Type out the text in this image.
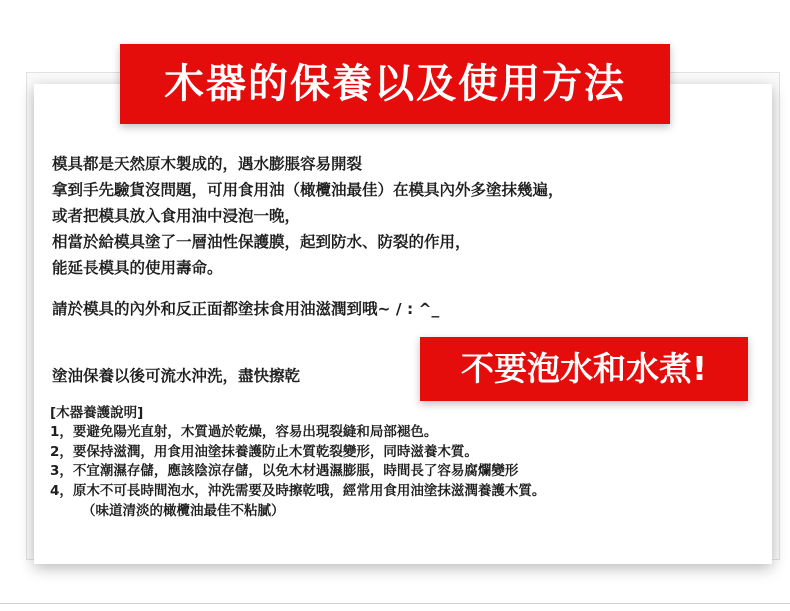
木器的保養以及使用方法
模具都是天然原木製成的，遇水膨脹容易開裂
拿到手先驗貨沒問題，可用食用油（橄欖油最佳）在模具內外多塗抹幾遍，
或者把模具放入食用油中浸泡一晚，
相當於給模具塗了一層油性保護膜，起到防水、防裂的作用，
能延長模具的使用壽命。
請於模具的內外和反正面都塗抹食用油滋潤到哦~ / : ^_
塗油保養以後可流水沖洗，盡快擦乾	不要泡水和水煮!
[木器養護說明]
1，要避免陽光直射，木質過於乾燥，容易出現裂縫和局部褪色。
2，要保持滋潤，用食用油塗抹養護防止木質乾裂變形，同時滋養木質。
3，不宜潮濕存儲，應該陰涼存儲，以免木材遇濕膨脹，時間長了容易腐爛變形
4，原木不可長時間泡水，沖洗需要及時擦乾哦，經常用食用油塗抹滋潤養護木質。
（味道清淡的橄欖油最佳不粘膩）
